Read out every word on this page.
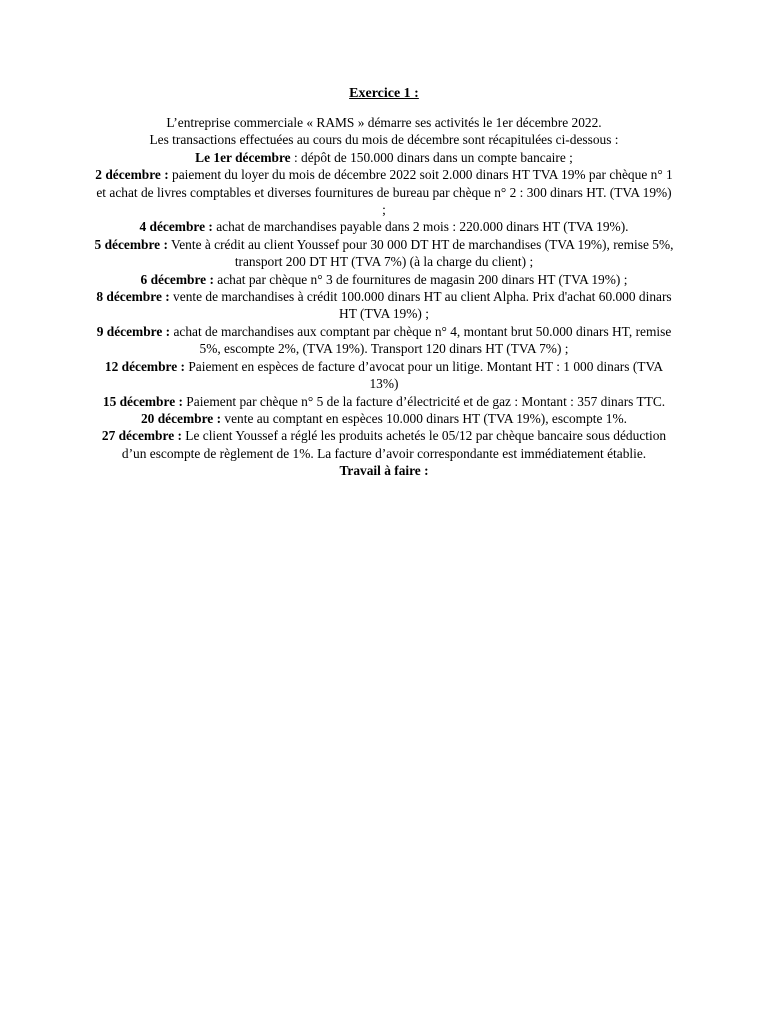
Exercice 1 :
L’entreprise commerciale « RAMS » démarre ses activités le 1er décembre 2022.
Les transactions effectuées au cours du mois de décembre sont récapitulées ci-dessous :
Le 1er décembre : dépôt de 150.000 dinars dans un compte bancaire ;
2 décembre : paiement du loyer du mois de décembre 2022 soit 2.000 dinars HT TVA 19% par chèque n° 1 et achat de livres comptables et diverses fournitures de bureau par chèque n° 2 : 300 dinars HT. (TVA 19%) ;
4 décembre : achat de marchandises payable dans 2 mois : 220.000 dinars HT (TVA 19%).
5 décembre : Vente à crédit au client Youssef pour 30 000 DT HT de marchandises (TVA 19%), remise 5%, transport 200 DT HT (TVA 7%) (à la charge du client) ;
6 décembre : achat par chèque n° 3 de fournitures de magasin 200 dinars HT (TVA 19%) ;
8 décembre : vente de marchandises à crédit 100.000 dinars HT au client Alpha. Prix d'achat 60.000 dinars HT (TVA 19%) ;
9 décembre : achat de marchandises aux comptant par chèque n° 4, montant brut 50.000 dinars HT, remise 5%, escompte 2%, (TVA 19%). Transport 120 dinars HT (TVA 7%) ;
12 décembre : Paiement en espèces de facture d’avocat pour un litige. Montant HT : 1 000 dinars (TVA 13%)
15 décembre : Paiement par chèque n° 5 de la facture d’électricité et de gaz : Montant : 357 dinars TTC.
20 décembre : vente au comptant en espèces 10.000 dinars HT (TVA 19%), escompte 1%.
27 décembre : Le client Youssef a réglé les produits achetés le 05/12 par chèque bancaire sous déduction d’un escompte de règlement de 1%. La facture d’avoir correspondante est immédiatement établie.
Travail à faire :
